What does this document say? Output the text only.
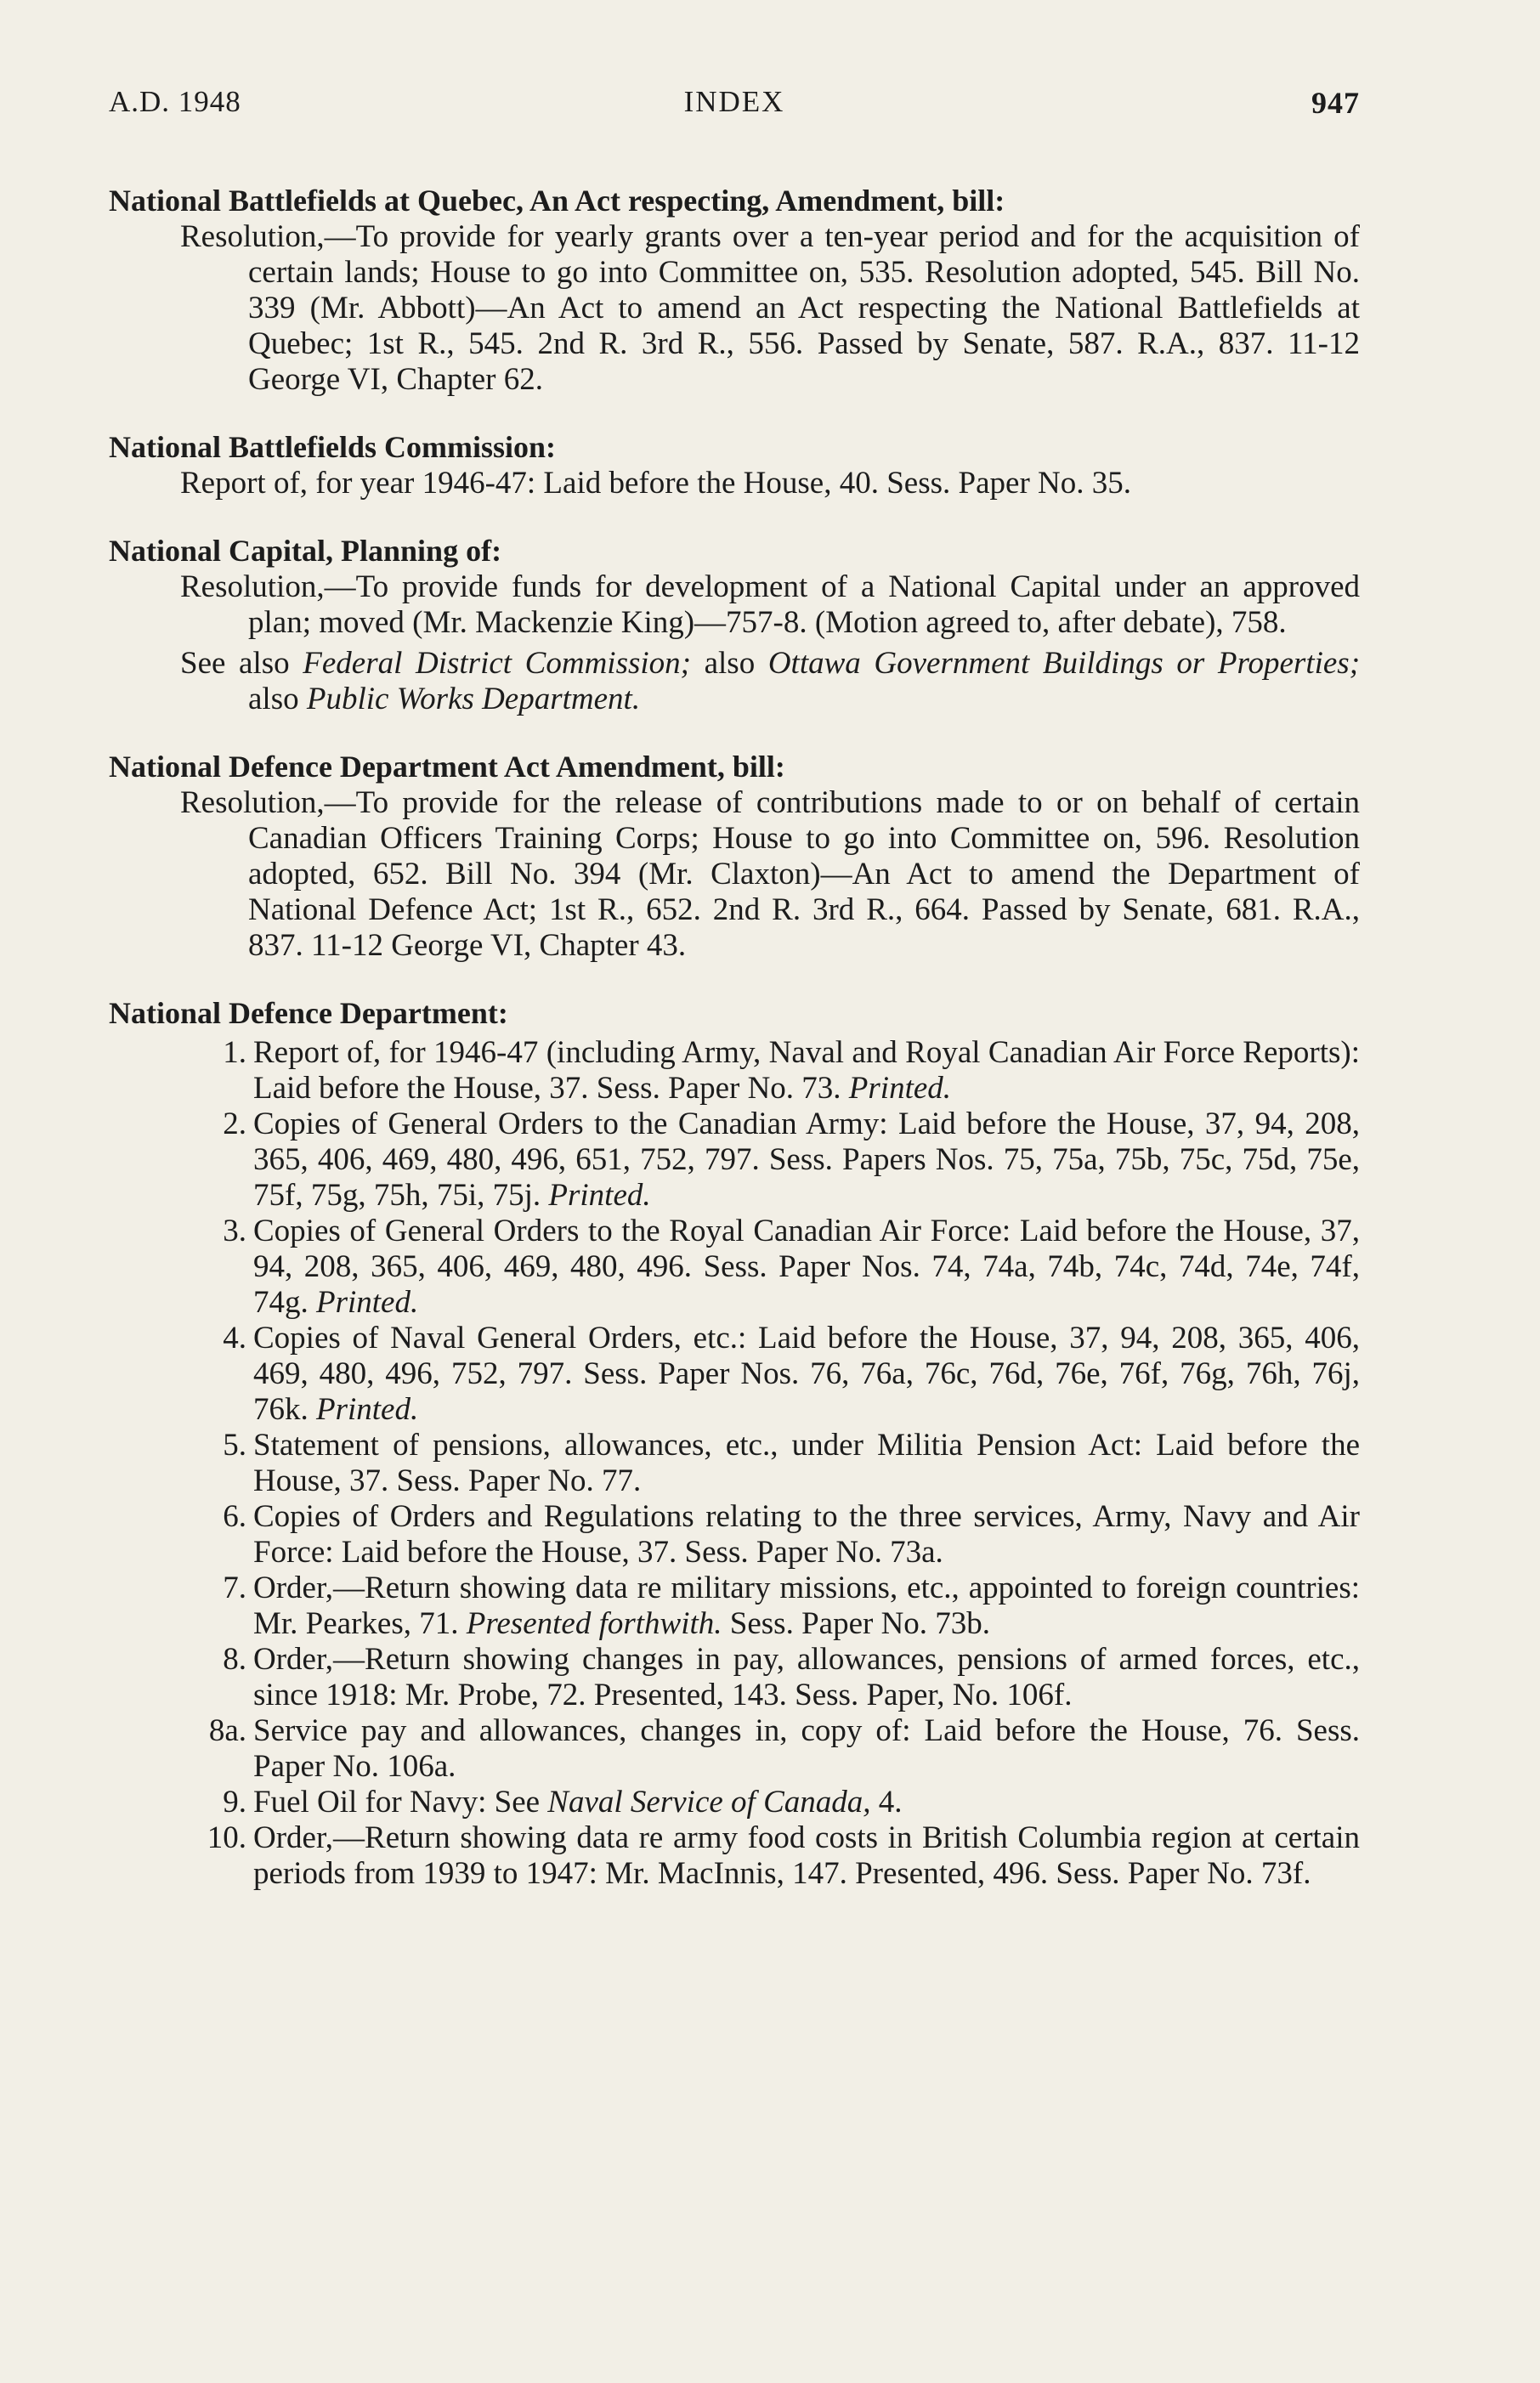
A.D. 1948	INDEX	947

National Battlefields at Quebec, An Act respecting, Amendment, bill:

Resolution,—To provide for yearly grants over a ten-year period and for the acquisition of certain lands; House to go into Committee on, 535. Resolution adopted, 545. Bill No. 339 (Mr. Abbott)—An Act to amend an Act respecting the National Battlefields at Quebec; 1st R., 545. 2nd R. 3rd R., 556. Passed by Senate, 587. R.A., 837. 11-12 George VI, Chapter 62.

National Battlefields Commission:

Report of, for year 1946-47: Laid before the House, 40. Sess. Paper No. 35.

National Capital, Planning of:

Resolution,—To provide funds for development of a National Capital under an approved plan; moved (Mr. Mackenzie King)—757-8. (Motion agreed to, after debate), 758.

See also Federal District Commission; also Ottawa Government Buildings or Properties; also Public Works Department.

National Defence Department Act Amendment, bill:

Resolution,—To provide for the release of contributions made to or on behalf of certain Canadian Officers Training Corps; House to go into Committee on, 596. Resolution adopted, 652. Bill No. 394 (Mr. Claxton)—An Act to amend the Department of National Defence Act; 1st R., 652. 2nd R. 3rd R., 664. Passed by Senate, 681. R.A., 837. 11-12 George VI, Chapter 43.

National Defence Department:

1. Report of, for 1946-47 (including Army, Naval and Royal Canadian Air Force Reports): Laid before the House, 37. Sess. Paper No. 73. Printed.
2. Copies of General Orders to the Canadian Army: Laid before the House, 37, 94, 208, 365, 406, 469, 480, 496, 651, 752, 797. Sess. Papers Nos. 75, 75a, 75b, 75c, 75d, 75e, 75f, 75g, 75h, 75i, 75j. Printed.
3. Copies of General Orders to the Royal Canadian Air Force: Laid before the House, 37, 94, 208, 365, 406, 469, 480, 496. Sess. Paper Nos. 74, 74a, 74b, 74c, 74d, 74e, 74f, 74g. Printed.
4. Copies of Naval General Orders, etc.: Laid before the House, 37, 94, 208, 365, 406, 469, 480, 496, 752, 797. Sess. Paper Nos. 76, 76a, 76c, 76d, 76e, 76f, 76g, 76h, 76j, 76k. Printed.
5. Statement of pensions, allowances, etc., under Militia Pension Act: Laid before the House, 37. Sess. Paper No. 77.
6. Copies of Orders and Regulations relating to the three services, Army, Navy and Air Force: Laid before the House, 37. Sess. Paper No. 73a.
7. Order,—Return showing data re military missions, etc., appointed to foreign countries: Mr. Pearkes, 71. Presented forthwith. Sess. Paper No. 73b.
8. Order,—Return showing changes in pay, allowances, pensions of armed forces, etc., since 1918: Mr. Probe, 72. Presented, 143. Sess. Paper, No. 106f.
8a. Service pay and allowances, changes in, copy of: Laid before the House, 76. Sess. Paper No. 106a.
9. Fuel Oil for Navy: See Naval Service of Canada, 4.
10. Order,—Return showing data re army food costs in British Columbia region at certain periods from 1939 to 1947: Mr. MacInnis, 147. Presented, 496. Sess. Paper No. 73f.
